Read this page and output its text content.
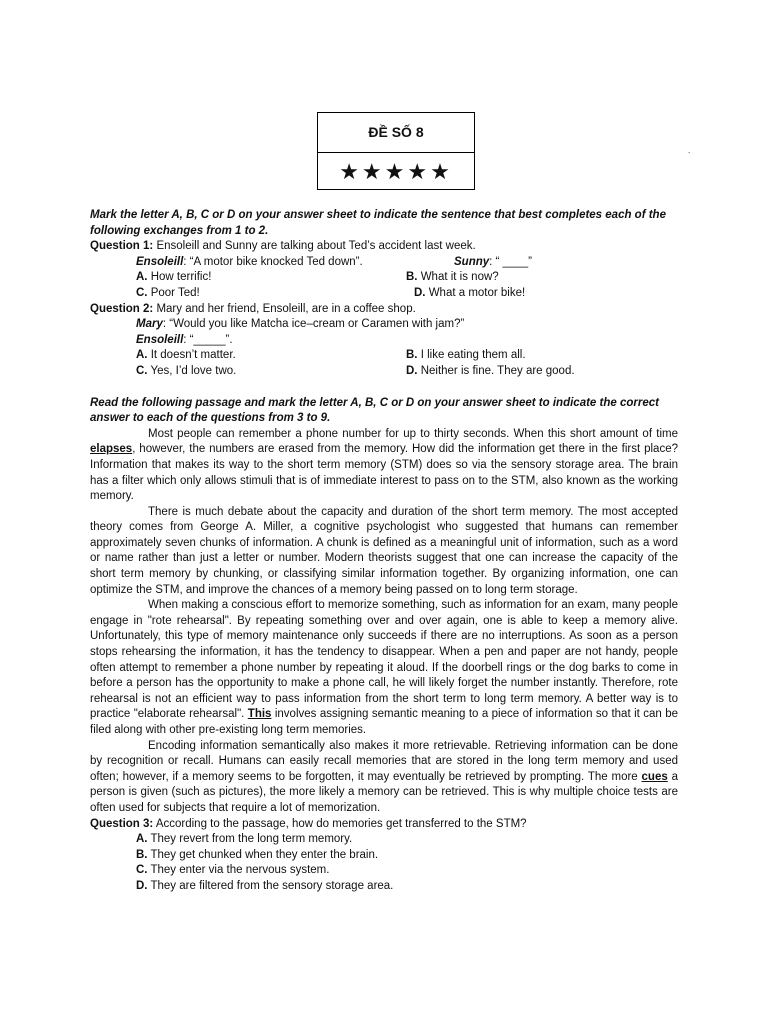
ĐỀ SỐ 8
★★★★★
.

Mark the letter A, B, C or D on your answer sheet to indicate the sentence that best completes each of the following exchanges from 1 to 2.

Question 1: Ensoleill and Sunny are talking about Ted’s accident last week.

Ensoleill: “A motor bike knocked Ted down”.	Sunny: “ ____”
A. How terrific!	B. What it is now?
C. Poor Ted!	D. What a motor bike!

Question 2: Mary and her friend, Ensoleill, are in a coffee shop.

Mary: “Would you like Matcha ice–cream or Caramen with jam?”

Ensoleill: “_____”.

A. It doesn’t matter.	B. I like eating them all.
C. Yes, I’d love two.	D. Neither is fine. They are good.

Read the following passage and mark the letter A, B, C or D on your answer sheet to indicate the correct answer to each of the questions from 3 to 9.

Most people can remember a phone number for up to thirty seconds. When this short amount of time elapses, however, the numbers are erased from the memory. How did the information get there in the first place? Information that makes its way to the short term memory (STM) does so via the sensory storage area. The brain has a filter which only allows stimuli that is of immediate interest to pass on to the STM, also known as the working memory.

There is much debate about the capacity and duration of the short term memory. The most accepted theory comes from George A. Miller, a cognitive psychologist who suggested that humans can remember approximately seven chunks of information. A chunk is defined as a meaningful unit of information, such as a word or name rather than just a letter or number. Modern theorists suggest that one can increase the capacity of the short term memory by chunking, or classifying similar information together. By organizing information, one can optimize the STM, and improve the chances of a memory being passed on to long term storage.

When making a conscious effort to memorize something, such as information for an exam, many people engage in "rote rehearsal". By repeating something over and over again, one is able to keep a memory alive. Unfortunately, this type of memory maintenance only succeeds if there are no interruptions. As soon as a person stops rehearsing the information, it has the tendency to disappear. When a pen and paper are not handy, people often attempt to remember a phone number by repeating it aloud. If the doorbell rings or the dog barks to come in before a person has the opportunity to make a phone call, he will likely forget the number instantly. Therefore, rote rehearsal is not an efficient way to pass information from the short term to long term memory. A better way is to practice "elaborate rehearsal". This involves assigning semantic meaning to a piece of information so that it can be filed along with other pre-existing long term memories.

Encoding information semantically also makes it more retrievable. Retrieving information can be done by recognition or recall. Humans can easily recall memories that are stored in the long term memory and used often; however, if a memory seems to be forgotten, it may eventually be retrieved by prompting. The more cues a person is given (such as pictures), the more likely a memory can be retrieved. This is why multiple choice tests are often used for subjects that require a lot of memorization.

Question 3: According to the passage, how do memories get transferred to the STM?

A. They revert from the long term memory.

B. They get chunked when they enter the brain.

C. They enter via the nervous system.

D. They are filtered from the sensory storage area.
